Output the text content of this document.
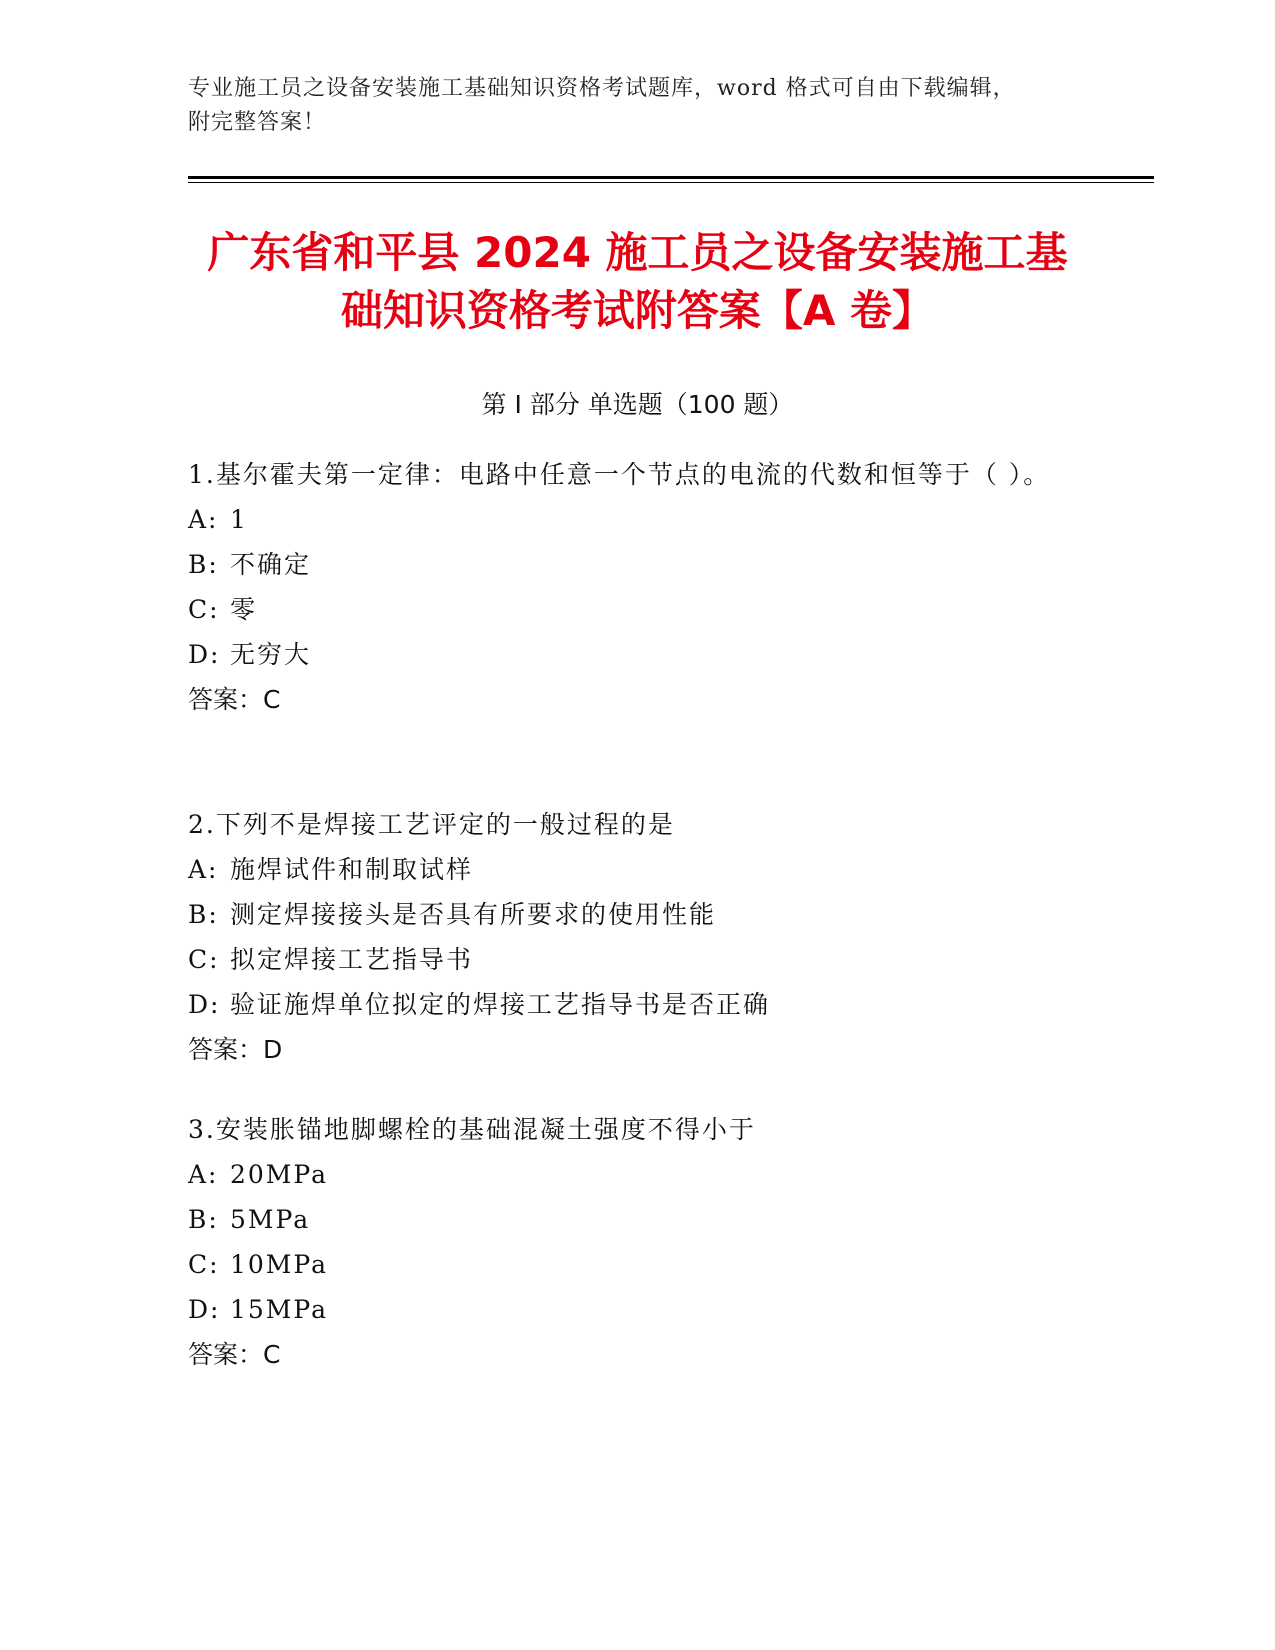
专业施工员之设备安装施工基础知识资格考试题库，word 格式可自由下载编辑，
附完整答案！
广东省和平县 2024 施工员之设备安装施工基
础知识资格考试附答案【A 卷】
第 I 部分 单选题（100 题）

1.基尔霍夫第一定律：电路中任意一个节点的电流的代数和恒等于（ ）。

A: 1

B: 不确定

C: 零

D: 无穷大

答案：C

2.下列不是焊接工艺评定的一般过程的是

A: 施焊试件和制取试样

B: 测定焊接接头是否具有所要求的使用性能

C: 拟定焊接工艺指导书

D: 验证施焊单位拟定的焊接工艺指导书是否正确

答案：D

3.安装胀锚地脚螺栓的基础混凝土强度不得小于

A: 20MPa

B: 5MPa

C: 10MPa

D: 15MPa

答案：C
